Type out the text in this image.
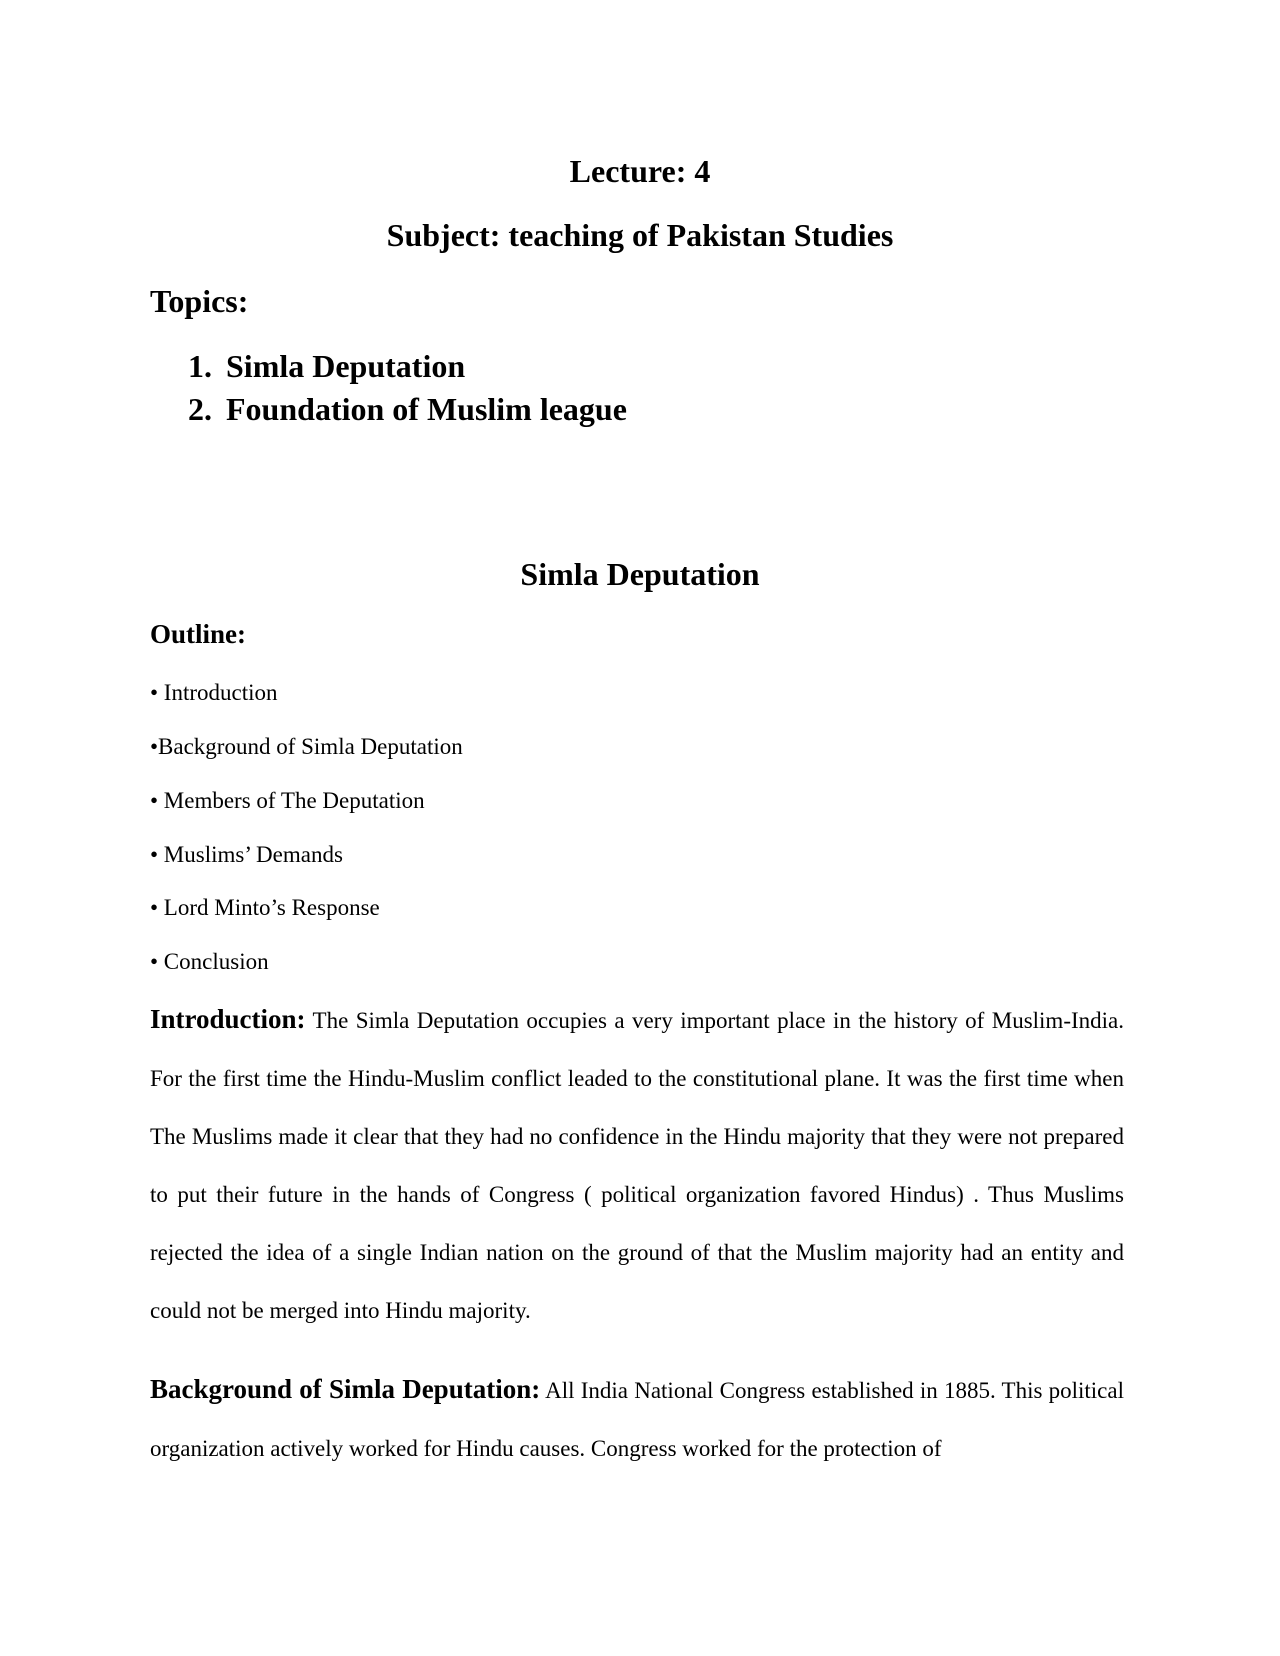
Lecture: 4
Subject: teaching of Pakistan Studies
Topics:
1. Simla Deputation
2. Foundation of Muslim league
Simla Deputation
Outline:
• Introduction
•Background of Simla Deputation
• Members of The Deputation
• Muslims’ Demands
• Lord Minto’s Response
• Conclusion

Introduction: The Simla Deputation occupies a very important place in the history of Muslim-India. For the first time the Hindu-Muslim conflict leaded to the constitutional plane. It was the first time when The Muslims made it clear that they had no confidence in the Hindu majority that they were not prepared to put their future in the hands of Congress ( political organization favored Hindus) . Thus Muslims rejected the idea of a single Indian nation on the ground of that the Muslim majority had an entity and could not be merged into Hindu majority.

Background of Simla Deputation: All India National Congress established in 1885. This political organization actively worked for Hindu causes. Congress worked for the protection of
